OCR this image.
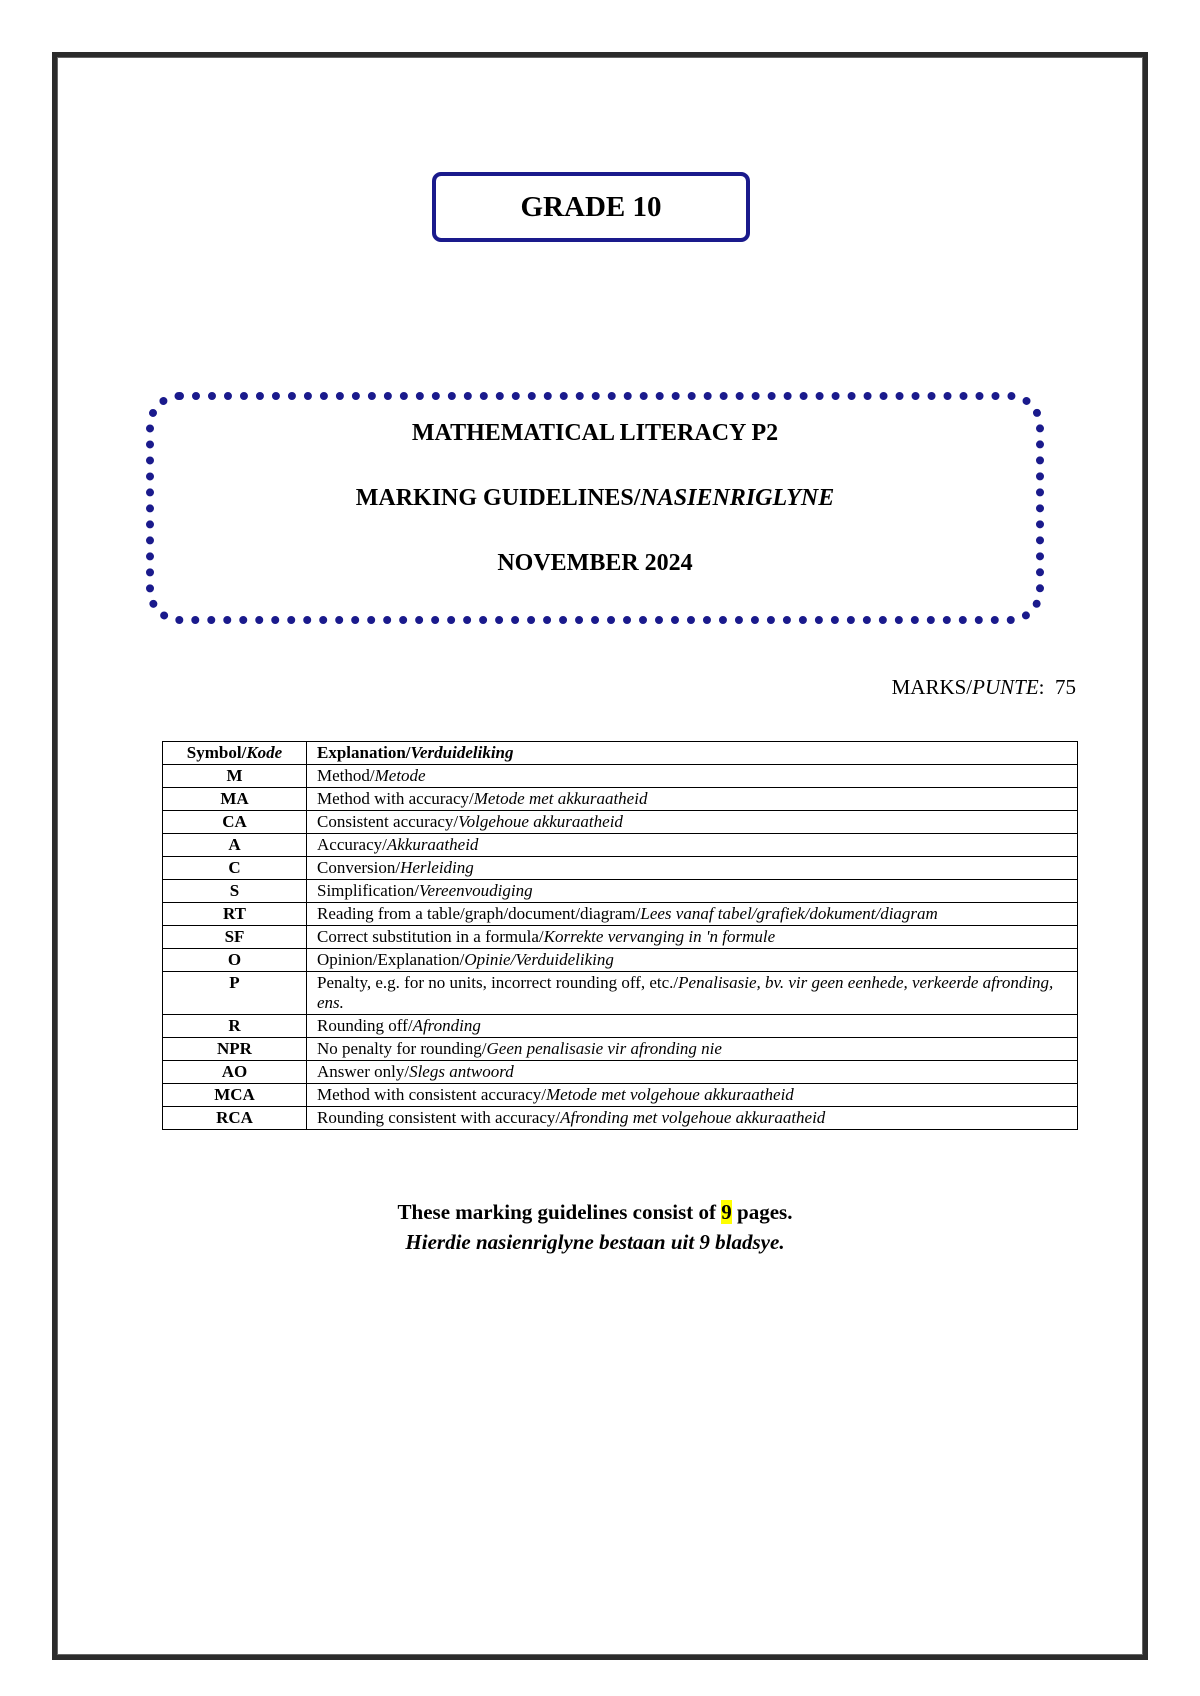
GRADE 10
MATHEMATICAL LITERACY P2
MARKING GUIDELINES/NASIENRIGLYNE
NOVEMBER 2024
MARKS/PUNTE:  75
Symbol/Kode	Explanation/Verduideliking
M	Method/Metode
MA	Method with accuracy/Metode met akkuraatheid
CA	Consistent accuracy/Volgehoue akkuraatheid
A	Accuracy/Akkuraatheid
C	Conversion/Herleiding
S	Simplification/Vereenvoudiging
RT	Reading from a table/graph/document/diagram/Lees vanaf tabel/grafiek/dokument/diagram
SF	Correct substitution in a formula/Korrekte vervanging in 'n formule
O	Opinion/Explanation/Opinie/Verduideliking
P	Penalty, e.g. for no units, incorrect rounding off, etc./Penalisasie, bv. vir geen eenhede, verkeerde afronding, ens.
R	Rounding off/Afronding
NPR	No penalty for rounding/Geen penalisasie vir afronding nie
AO	Answer only/Slegs antwoord
MCA	Method with consistent accuracy/Metode met volgehoue akkuraatheid
RCA	Rounding consistent with accuracy/Afronding met volgehoue akkuraatheid
These marking guidelines consist of 9 pages.
Hierdie nasienriglyne bestaan uit 9 bladsye.
